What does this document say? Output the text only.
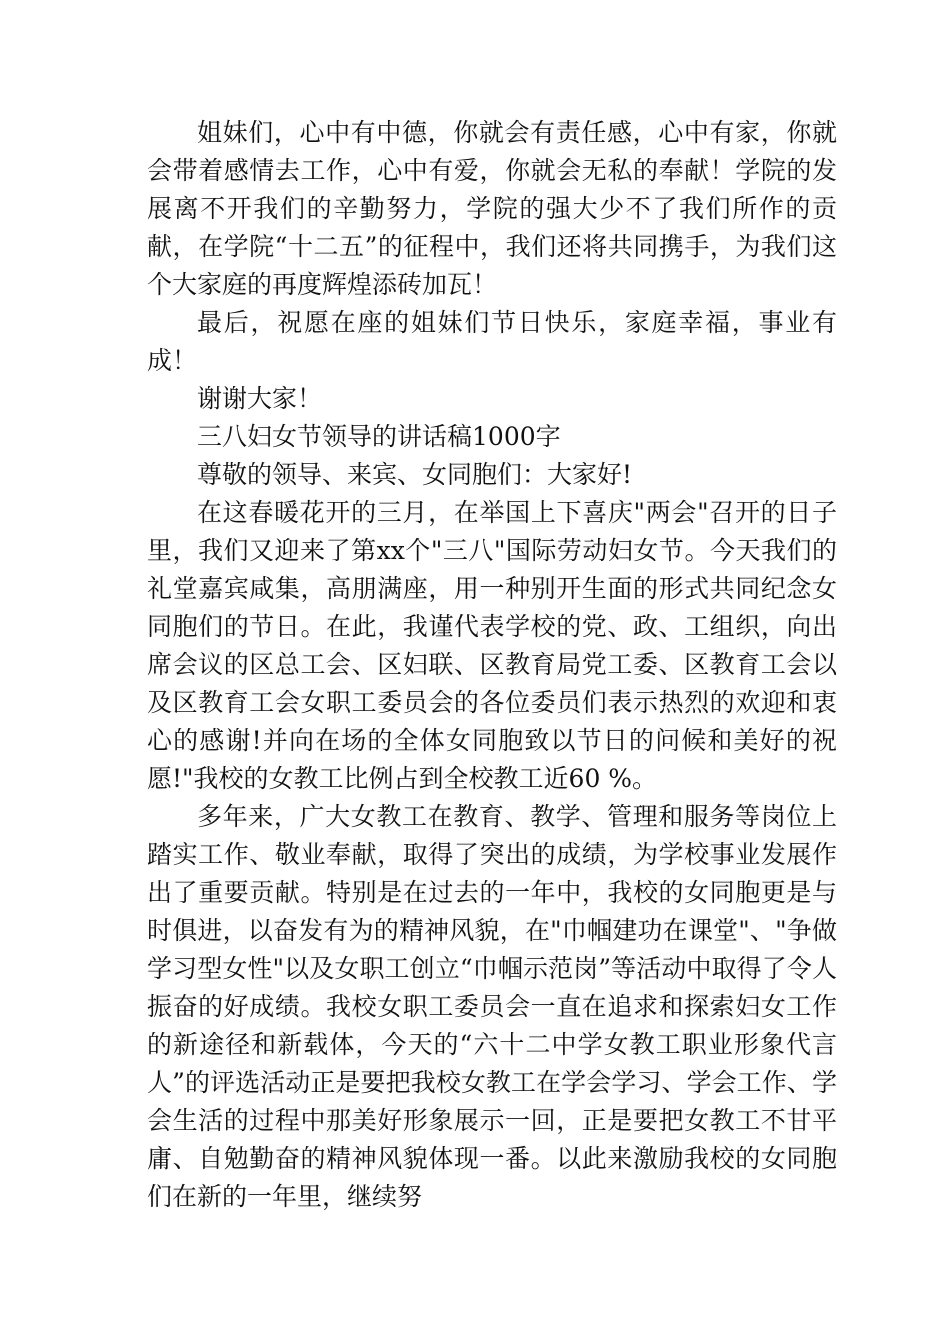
姐妹们，心中有中德，你就会有责任感，心中有家，你就会带着感情去工作，心中有爱，你就会无私的奉献！学院的发展离不开我们的辛勤努力，学院的强大少不了我们所作的贡献，在学院“十二五”的征程中，我们还将共同携手，为我们这个大家庭的再度辉煌添砖加瓦！

最后，祝愿在座的姐妹们节日快乐，家庭幸福，事业有成！

谢谢大家！

三八妇女节领导的讲话稿1000字

尊敬的领导、来宾、女同胞们：大家好!

在这春暖花开的三月，在举国上下喜庆"两会"召开的日子里，我们又迎来了第xx个"三八"国际劳动妇女节。今天我们的礼堂嘉宾咸集，高朋满座，用一种别开生面的形式共同纪念女同胞们的节日。在此，我谨代表学校的党、政、工组织，向出席会议的区总工会、区妇联、区教育局党工委、区教育工会以及区教育工会女职工委员会的各位委员们表示热烈的欢迎和衷心的感谢!并向在场的全体女同胞致以节日的问候和美好的祝愿!"我校的女教工比例占到全校教工近60 %。

多年来，广大女教工在教育、教学、管理和服务等岗位上踏实工作、敬业奉献，取得了突出的成绩，为学校事业发展作出了重要贡献。特别是在过去的一年中，我校的女同胞更是与时俱进，以奋发有为的精神风貌，在"巾帼建功在课堂"、"争做学习型女性"以及女职工创立“巾帼示范岗”等活动中取得了令人振奋的好成绩。我校女职工委员会一直在追求和探索妇女工作的新途径和新载体，今天的“六十二中学女教工职业形象代言人”的评选活动正是要把我校女教工在学会学习、学会工作、学会生活的过程中那美好形象展示一回，正是要把女教工不甘平庸、自勉勤奋的精神风貌体现一番。以此来激励我校的女同胞们在新的一年里，继续努
